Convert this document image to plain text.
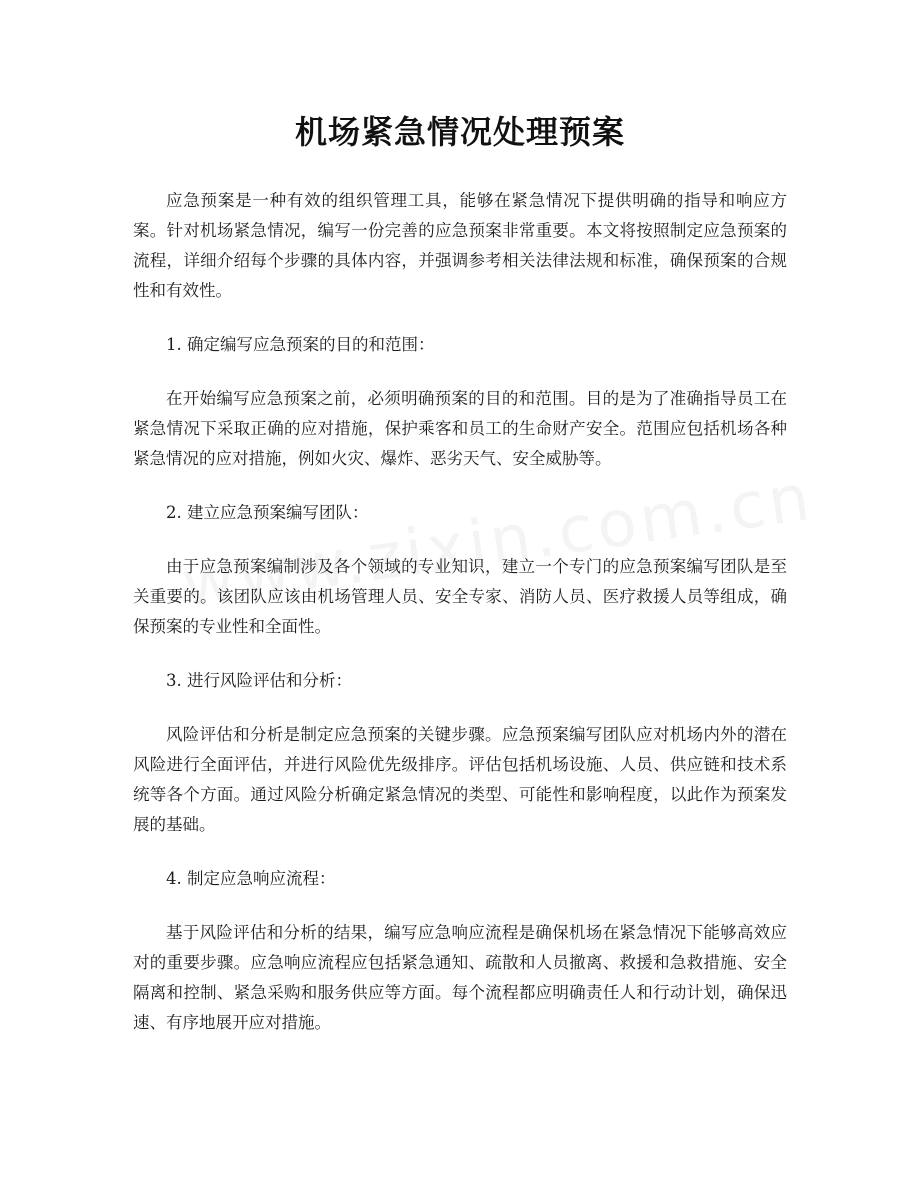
机场紧急情况处理预案

应急预案是一种有效的组织管理工具，能够在紧急情况下提供明确的指导和响应方案。针对机场紧急情况，编写一份完善的应急预案非常重要。本文将按照制定应急预案的流程，详细介绍每个步骤的具体内容，并强调参考相关法律法规和标准，确保预案的合规性和有效性。

1. 确定编写应急预案的目的和范围：

在开始编写应急预案之前，必须明确预案的目的和范围。目的是为了准确指导员工在紧急情况下采取正确的应对措施，保护乘客和员工的生命财产安全。范围应包括机场各种紧急情况的应对措施，例如火灾、爆炸、恶劣天气、安全威胁等。

2. 建立应急预案编写团队：

由于应急预案编制涉及各个领域的专业知识，建立一个专门的应急预案编写团队是至关重要的。该团队应该由机场管理人员、安全专家、消防人员、医疗救援人员等组成，确保预案的专业性和全面性。

3. 进行风险评估和分析：

风险评估和分析是制定应急预案的关键步骤。应急预案编写团队应对机场内外的潜在风险进行全面评估，并进行风险优先级排序。评估包括机场设施、人员、供应链和技术系统等各个方面。通过风险分析确定紧急情况的类型、可能性和影响程度，以此作为预案发展的基础。

4. 制定应急响应流程：

基于风险评估和分析的结果，编写应急响应流程是确保机场在紧急情况下能够高效应对的重要步骤。应急响应流程应包括紧急通知、疏散和人员撤离、救援和急救措施、安全隔离和控制、紧急采购和服务供应等方面。每个流程都应明确责任人和行动计划，确保迅速、有序地展开应对措施。
